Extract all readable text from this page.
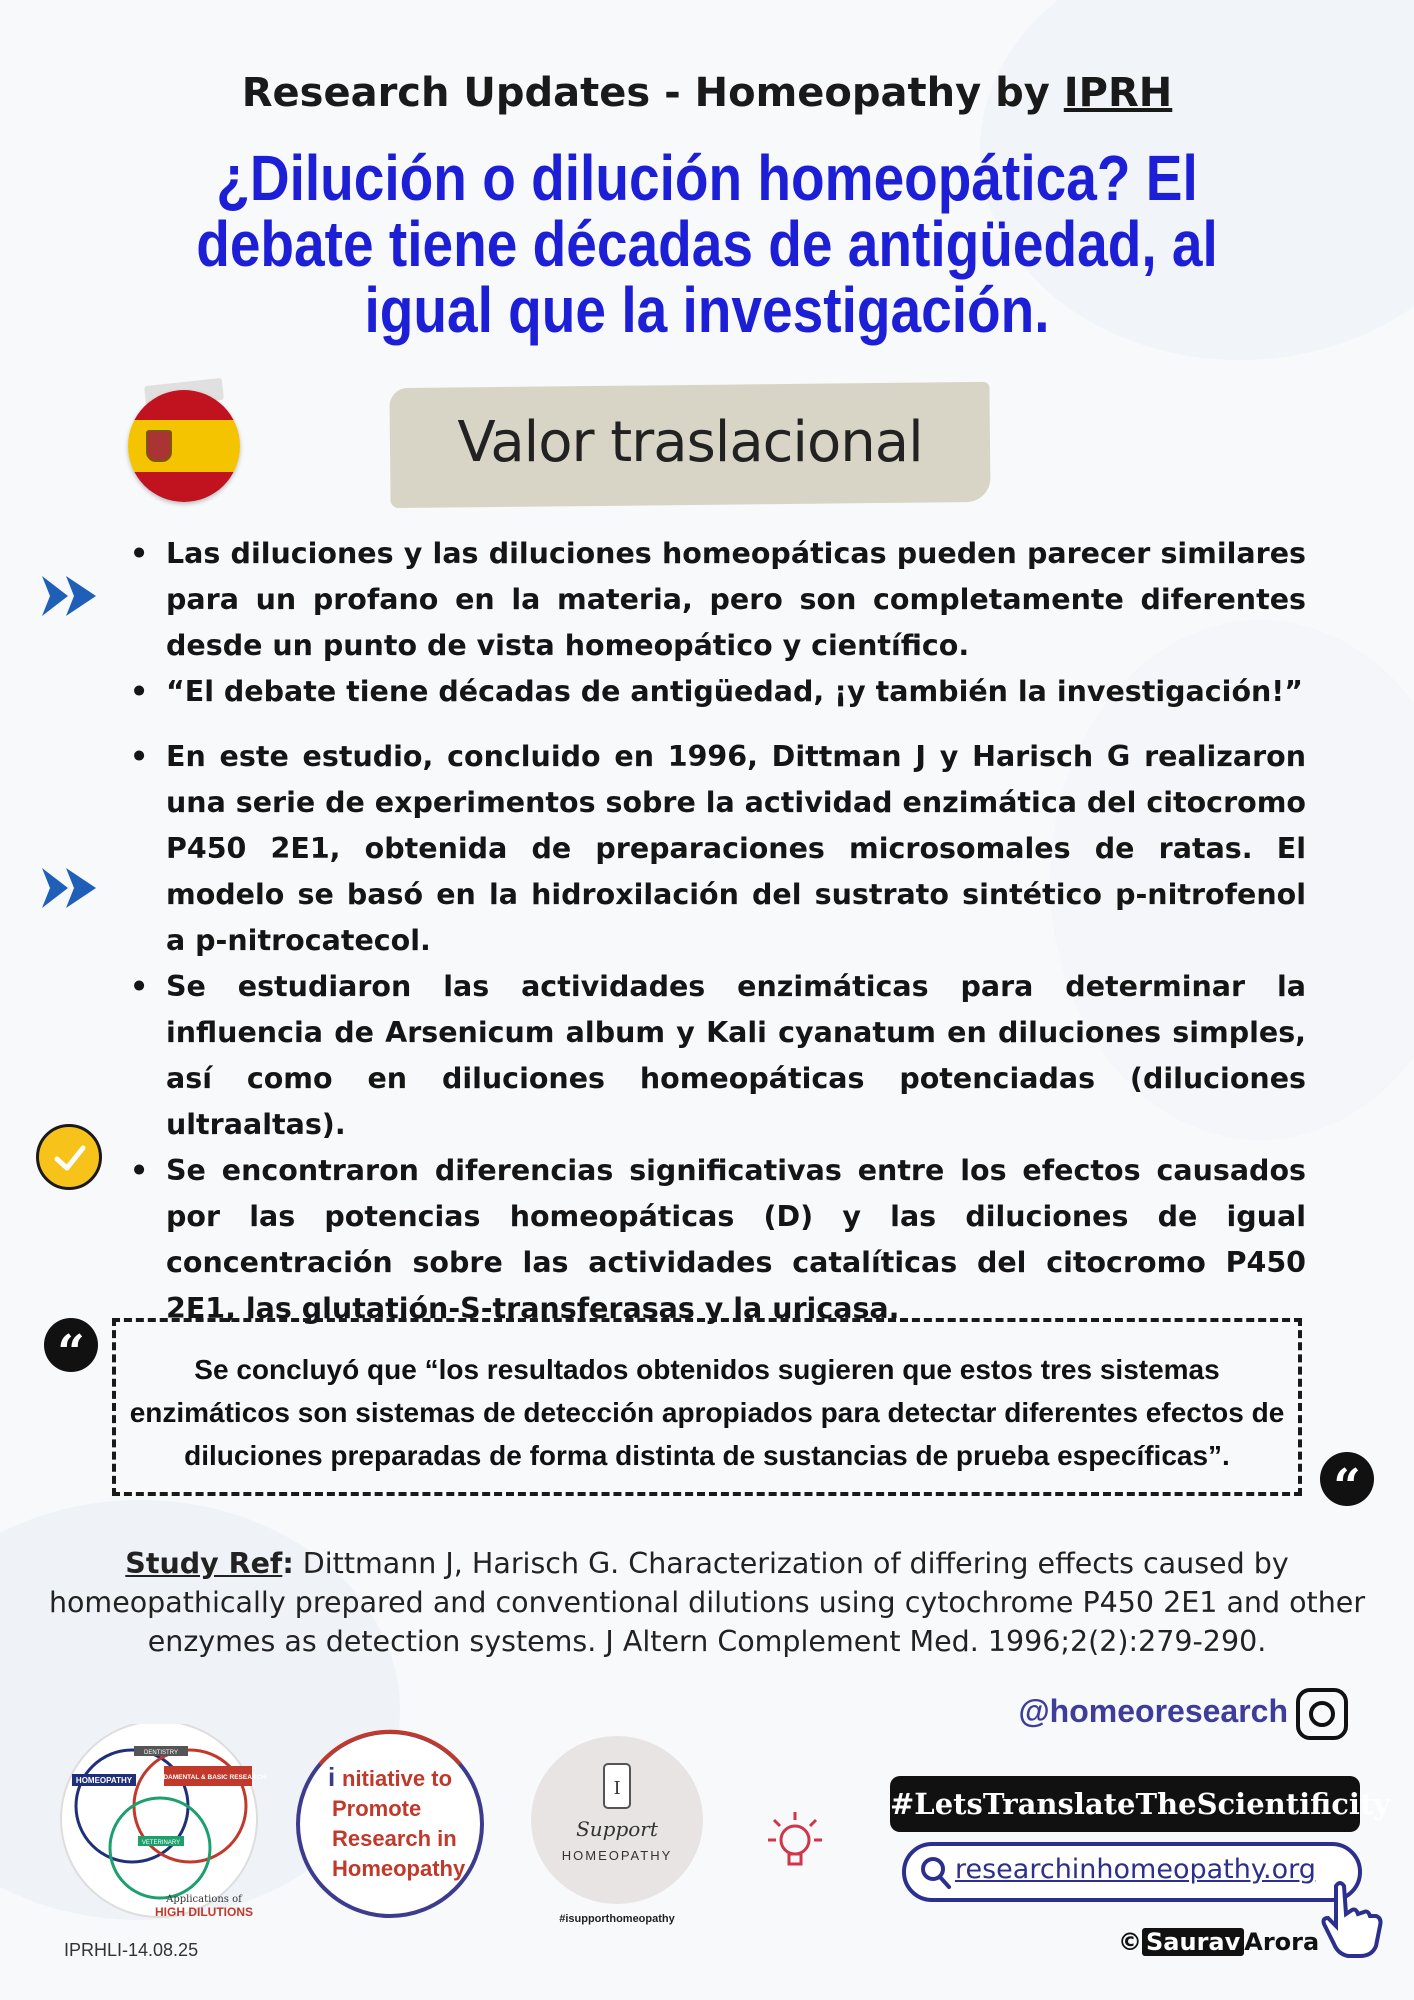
Research Updates - Homeopathy by IPRH
¿Dilución o dilución homeopática? El debate tiene décadas de antigüedad, al igual que la investigación.
Valor traslacional
• Las diluciones y las diluciones homeopáticas pueden parecer similares para un profano en la materia, pero son completamente diferentes desde un punto de vista homeopático y científico.
• “El debate tiene décadas de antigüedad, ¡y también la investigación!”
• En este estudio, concluido en 1996, Dittman J y Harisch G realizaron una serie de experimentos sobre la actividad enzimática del citocromo P450 2E1, obtenida de preparaciones microsomales de ratas. El modelo se basó en la hidroxilación del sustrato sintético p-nitrofenol a p-nitrocatecol.
• Se estudiaron las actividades enzimáticas para determinar la influencia de Arsenicum album y Kali cyanatum en diluciones simples, así como en diluciones homeopáticas potenciadas (diluciones ultraaltas).
• Se encontraron diferencias significativas entre los efectos causados por las potencias homeopáticas (D) y las diluciones de igual concentración sobre las actividades catalíticas del citocromo P450 2E1, las glutatión-S-transferasas y la uricasa.
“	Se concluyó que “los resultados obtenidos sugieren que estos tres sistemas enzimáticos son sistemas de detección apropiados para detectar diferentes efectos de diluciones preparadas de forma distinta de sustancias de prueba específicas”.
“
Study Ref: Dittmann J, Harisch G. Characterization of differing effects caused by homeopathically prepared and conventional dilutions using cytochrome P450 2E1 and other enzymes as detection systems. J Altern Complement Med. 1996;2(2):279-290.
@homeoresearch
#LetsTranslateTheScientificity
researchinhomeopathy.org
© Saurav Arora
IPRHLI-14.08.25
HOMEOPATHY	FUNDAMENTAL & BASIC RESEARCH
DENTISTRY
VETERINARY
Applications of
HIGH DILUTIONS
i nitiative to
Promote
Research in
Homeopathy
I
Support
HOMEOPATHY
#isupporthomeopathy
